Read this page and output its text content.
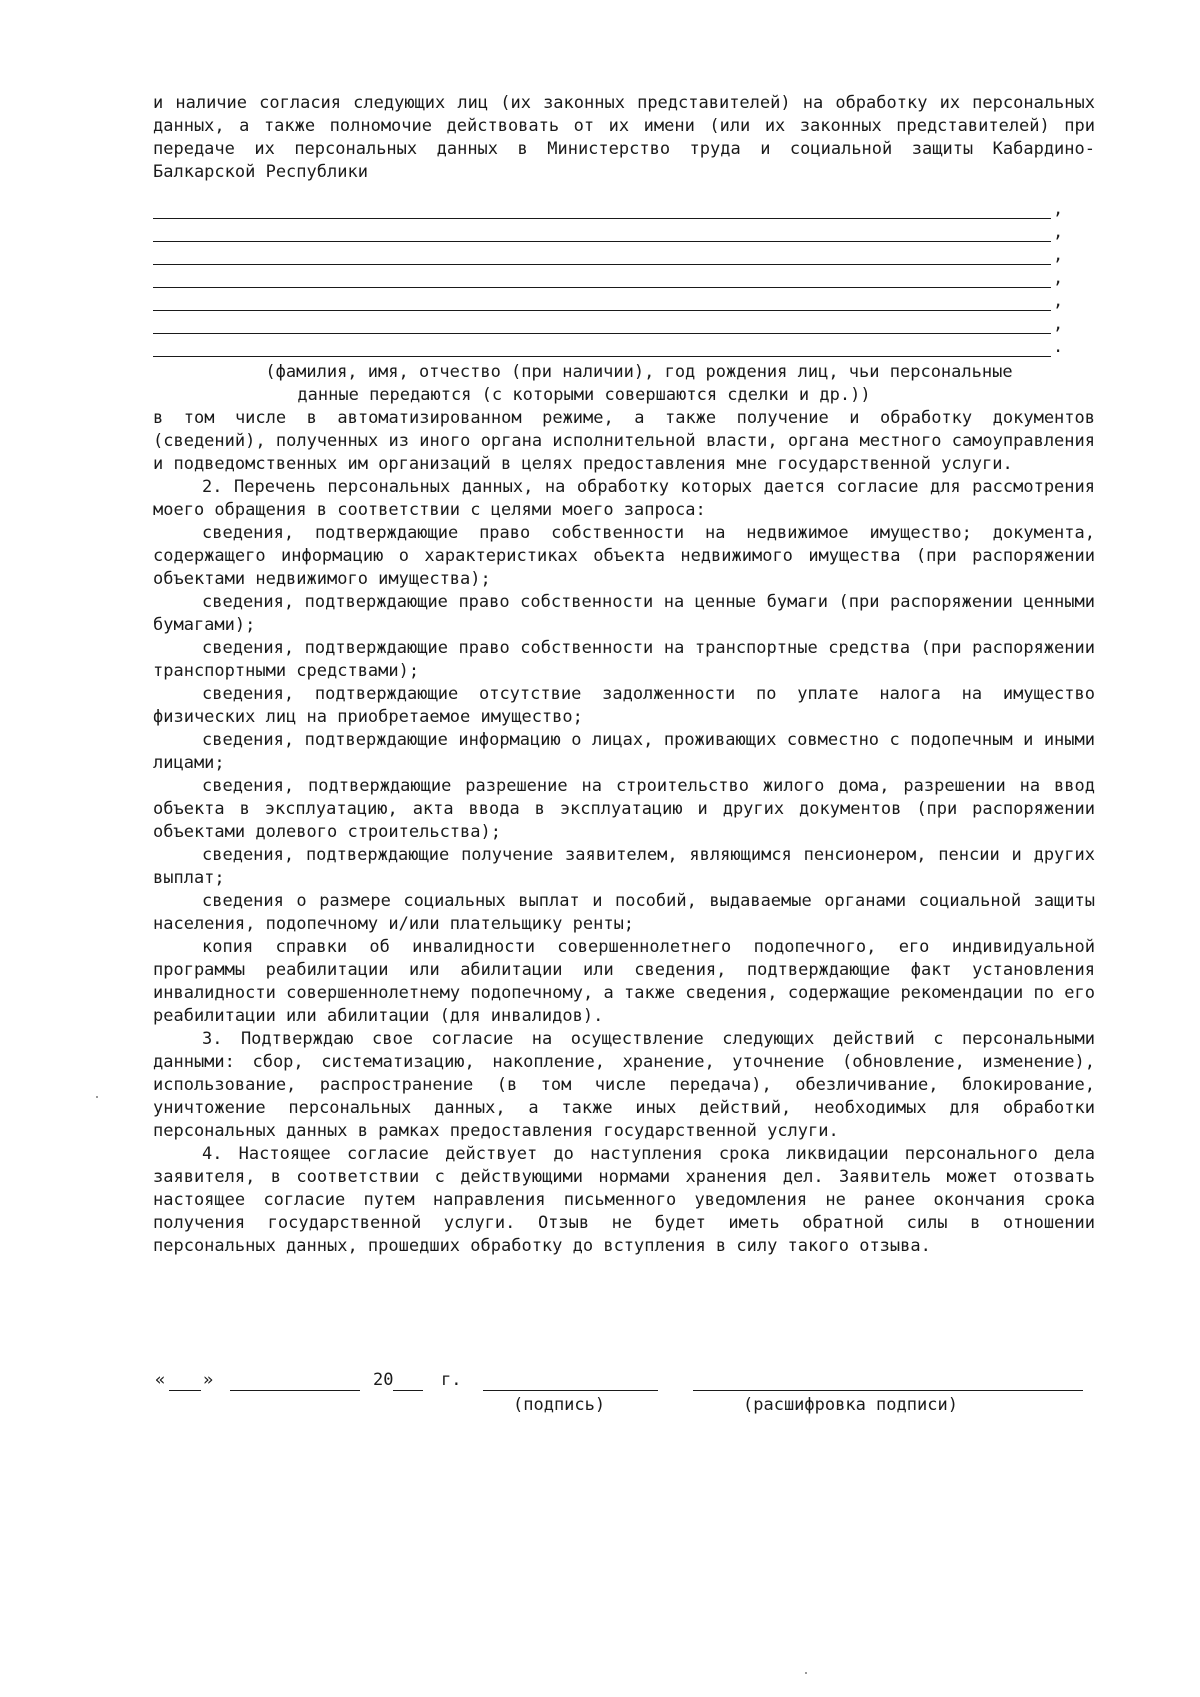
и наличие согласия следующих лиц (их законных представителей) на обработку их персональных данных, а также полномочие действовать от их имени (или их законных представителей) при передаче их персональных данных в Министерство труда и социальной защиты Кабардино-Балкарской Республики
,
,
,
,
,
,
.
(фамилия, имя, отчество (при наличии), год рождения лиц, чьи персональные
данные передаются (с которыми совершаются сделки и др.))
в том числе в автоматизированном режиме, а также получение и обработку документов (сведений), полученных из иного органа исполнительной власти, органа местного самоуправления и подведомственных им организаций в целях предоставления мне государственной услуги.
2. Перечень персональных данных, на обработку которых дается согласие для рассмотрения моего обращения в соответствии с целями моего запроса:
сведения, подтверждающие право собственности на недвижимое имущество; документа, содержащего информацию о характеристиках объекта недвижимого имущества (при распоряжении объектами недвижимого имущества);
сведения, подтверждающие право собственности на ценные бумаги (при распоряжении ценными бумагами);
сведения, подтверждающие право собственности на транспортные средства (при распоряжении транспортными средствами);
сведения, подтверждающие отсутствие задолженности по уплате налога на имущество физических лиц на приобретаемое имущество;
сведения, подтверждающие информацию о лицах, проживающих совместно с подопечным и иными лицами;
сведения, подтверждающие разрешение на строительство жилого дома, разрешении на ввод объекта в эксплуатацию, акта ввода в эксплуатацию и других документов (при распоряжении объектами долевого строительства);
сведения, подтверждающие получение заявителем, являющимся пенсионером, пенсии и других выплат;
сведения о размере социальных выплат и пособий, выдаваемые органами социальной защиты населения, подопечному и/или плательщику ренты;
копия справки об инвалидности совершеннолетнего подопечного, его индивидуальной программы реабилитации или абилитации или сведения, подтверждающие факт установления инвалидности совершеннолетнему подопечному, а также сведения, содержащие рекомендации по его реабилитации или абилитации (для инвалидов).
3. Подтверждаю свое согласие на осуществление следующих действий с персональными данными: сбор, систематизацию, накопление, хранение, уточнение (обновление, изменение), использование, распространение (в том числе передача), обезличивание, блокирование, уничтожение персональных данных, а также иных действий, необходимых для обработки персональных данных в рамках предоставления государственной услуги.
4. Настоящее согласие действует до наступления срока ликвидации персонального дела заявителя, в соответствии с действующими нормами хранения дел. Заявитель может отозвать настоящее согласие путем направления письменного уведомления не ранее окончания срока получения государственной услуги. Отзыв не будет иметь обратной силы в отношении персональных данных, прошедших обработку до вступления в силу такого отзыва.
« »	20	г.
(подпись)	(расшифровка подписи)
